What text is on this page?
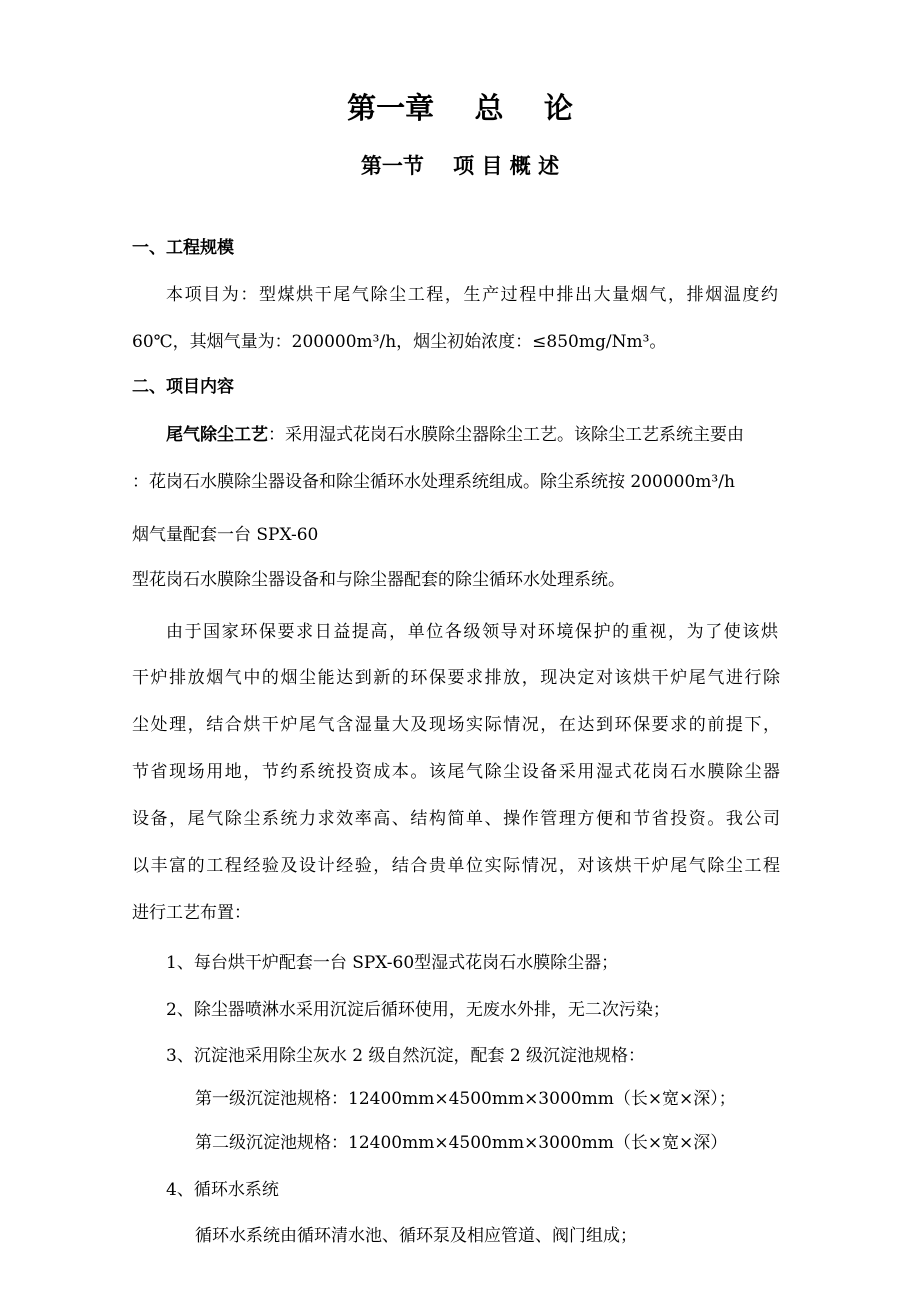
第一章    总    论
第一节    项 目 概 述
一、工程规模
本项目为：型煤烘干尾气除尘工程，生产过程中排出大量烟气，排烟温度约
60℃，其烟气量为：200000m³/h，烟尘初始浓度：≤850mg/Nm³。
二、项目内容
尾气除尘工艺：采用湿式花岗石水膜除尘器除尘工艺。该除尘工艺系统主要由
：花岗石水膜除尘器设备和除尘循环水处理系统组成。除尘系统按 200000m³/h
烟气量配套一台 SPX-60
型花岗石水膜除尘器设备和与除尘器配套的除尘循环水处理系统。
由于国家环保要求日益提高，单位各级领导对环境保护的重视，为了使该烘
干炉排放烟气中的烟尘能达到新的环保要求排放，现决定对该烘干炉尾气进行除
尘处理，结合烘干炉尾气含湿量大及现场实际情况，在达到环保要求的前提下，
节省现场用地，节约系统投资成本。该尾气除尘设备采用湿式花岗石水膜除尘器
设备，尾气除尘系统力求效率高、结构简单、操作管理方便和节省投资。我公司
以丰富的工程经验及设计经验，结合贵单位实际情况，对该烘干炉尾气除尘工程
进行工艺布置：
1、每台烘干炉配套一台 SPX-60型湿式花岗石水膜除尘器；
2、除尘器喷淋水采用沉淀后循环使用，无废水外排，无二次污染；
3、沉淀池采用除尘灰水 2 级自然沉淀，配套 2 级沉淀池规格：
第一级沉淀池规格：12400mm×4500mm×3000mm（长×宽×深）；
第二级沉淀池规格：12400mm×4500mm×3000mm（长×宽×深）
4、循环水系统
循环水系统由循环清水池、循环泵及相应管道、阀门组成；
